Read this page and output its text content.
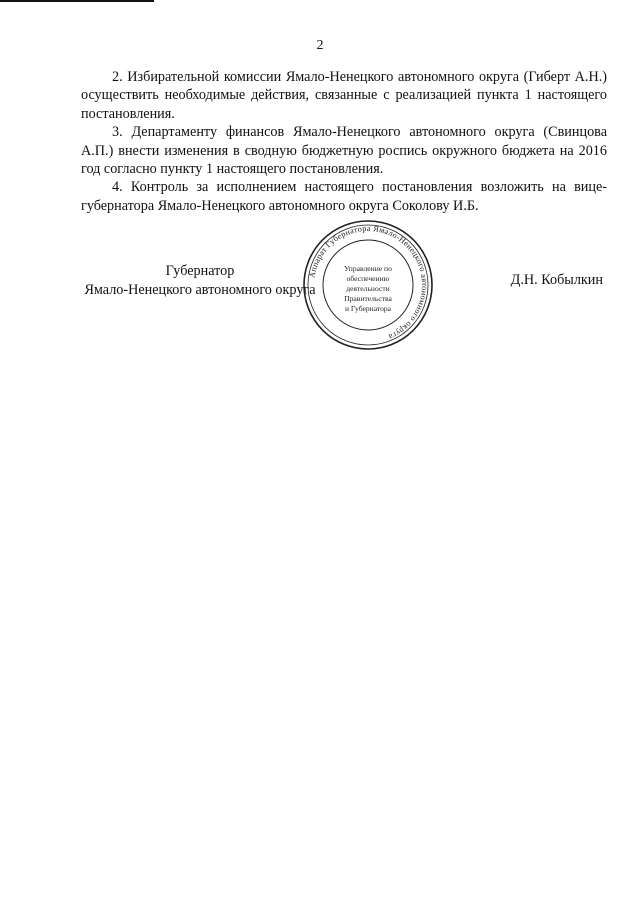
2

2. Избирательной комиссии Ямало-Ненецкого автономного округа (Гиберт А.Н.) осуществить необходимые действия, связанные с реализацией пункта 1 настоящего постановления.

3. Департаменту финансов Ямало-Ненецкого автономного округа (Свинцова А.П.) внести изменения в сводную бюджетную роспись окружного бюджета на 2016 год согласно пункту 1 настоящего постановления.

4. Контроль за исполнением настоящего постановления возложить на вице-губернатора Ямало-Ненецкого автономного округа Соколову И.Б.

Губернатор
Ямало-Ненецкого автономного округа
Д.Н. Кобылкин
Аппарат Губернатора Ямало-Ненецкого автономного округа
Управление по
обеспечению
деятельности
Правительства
и Губернатора
